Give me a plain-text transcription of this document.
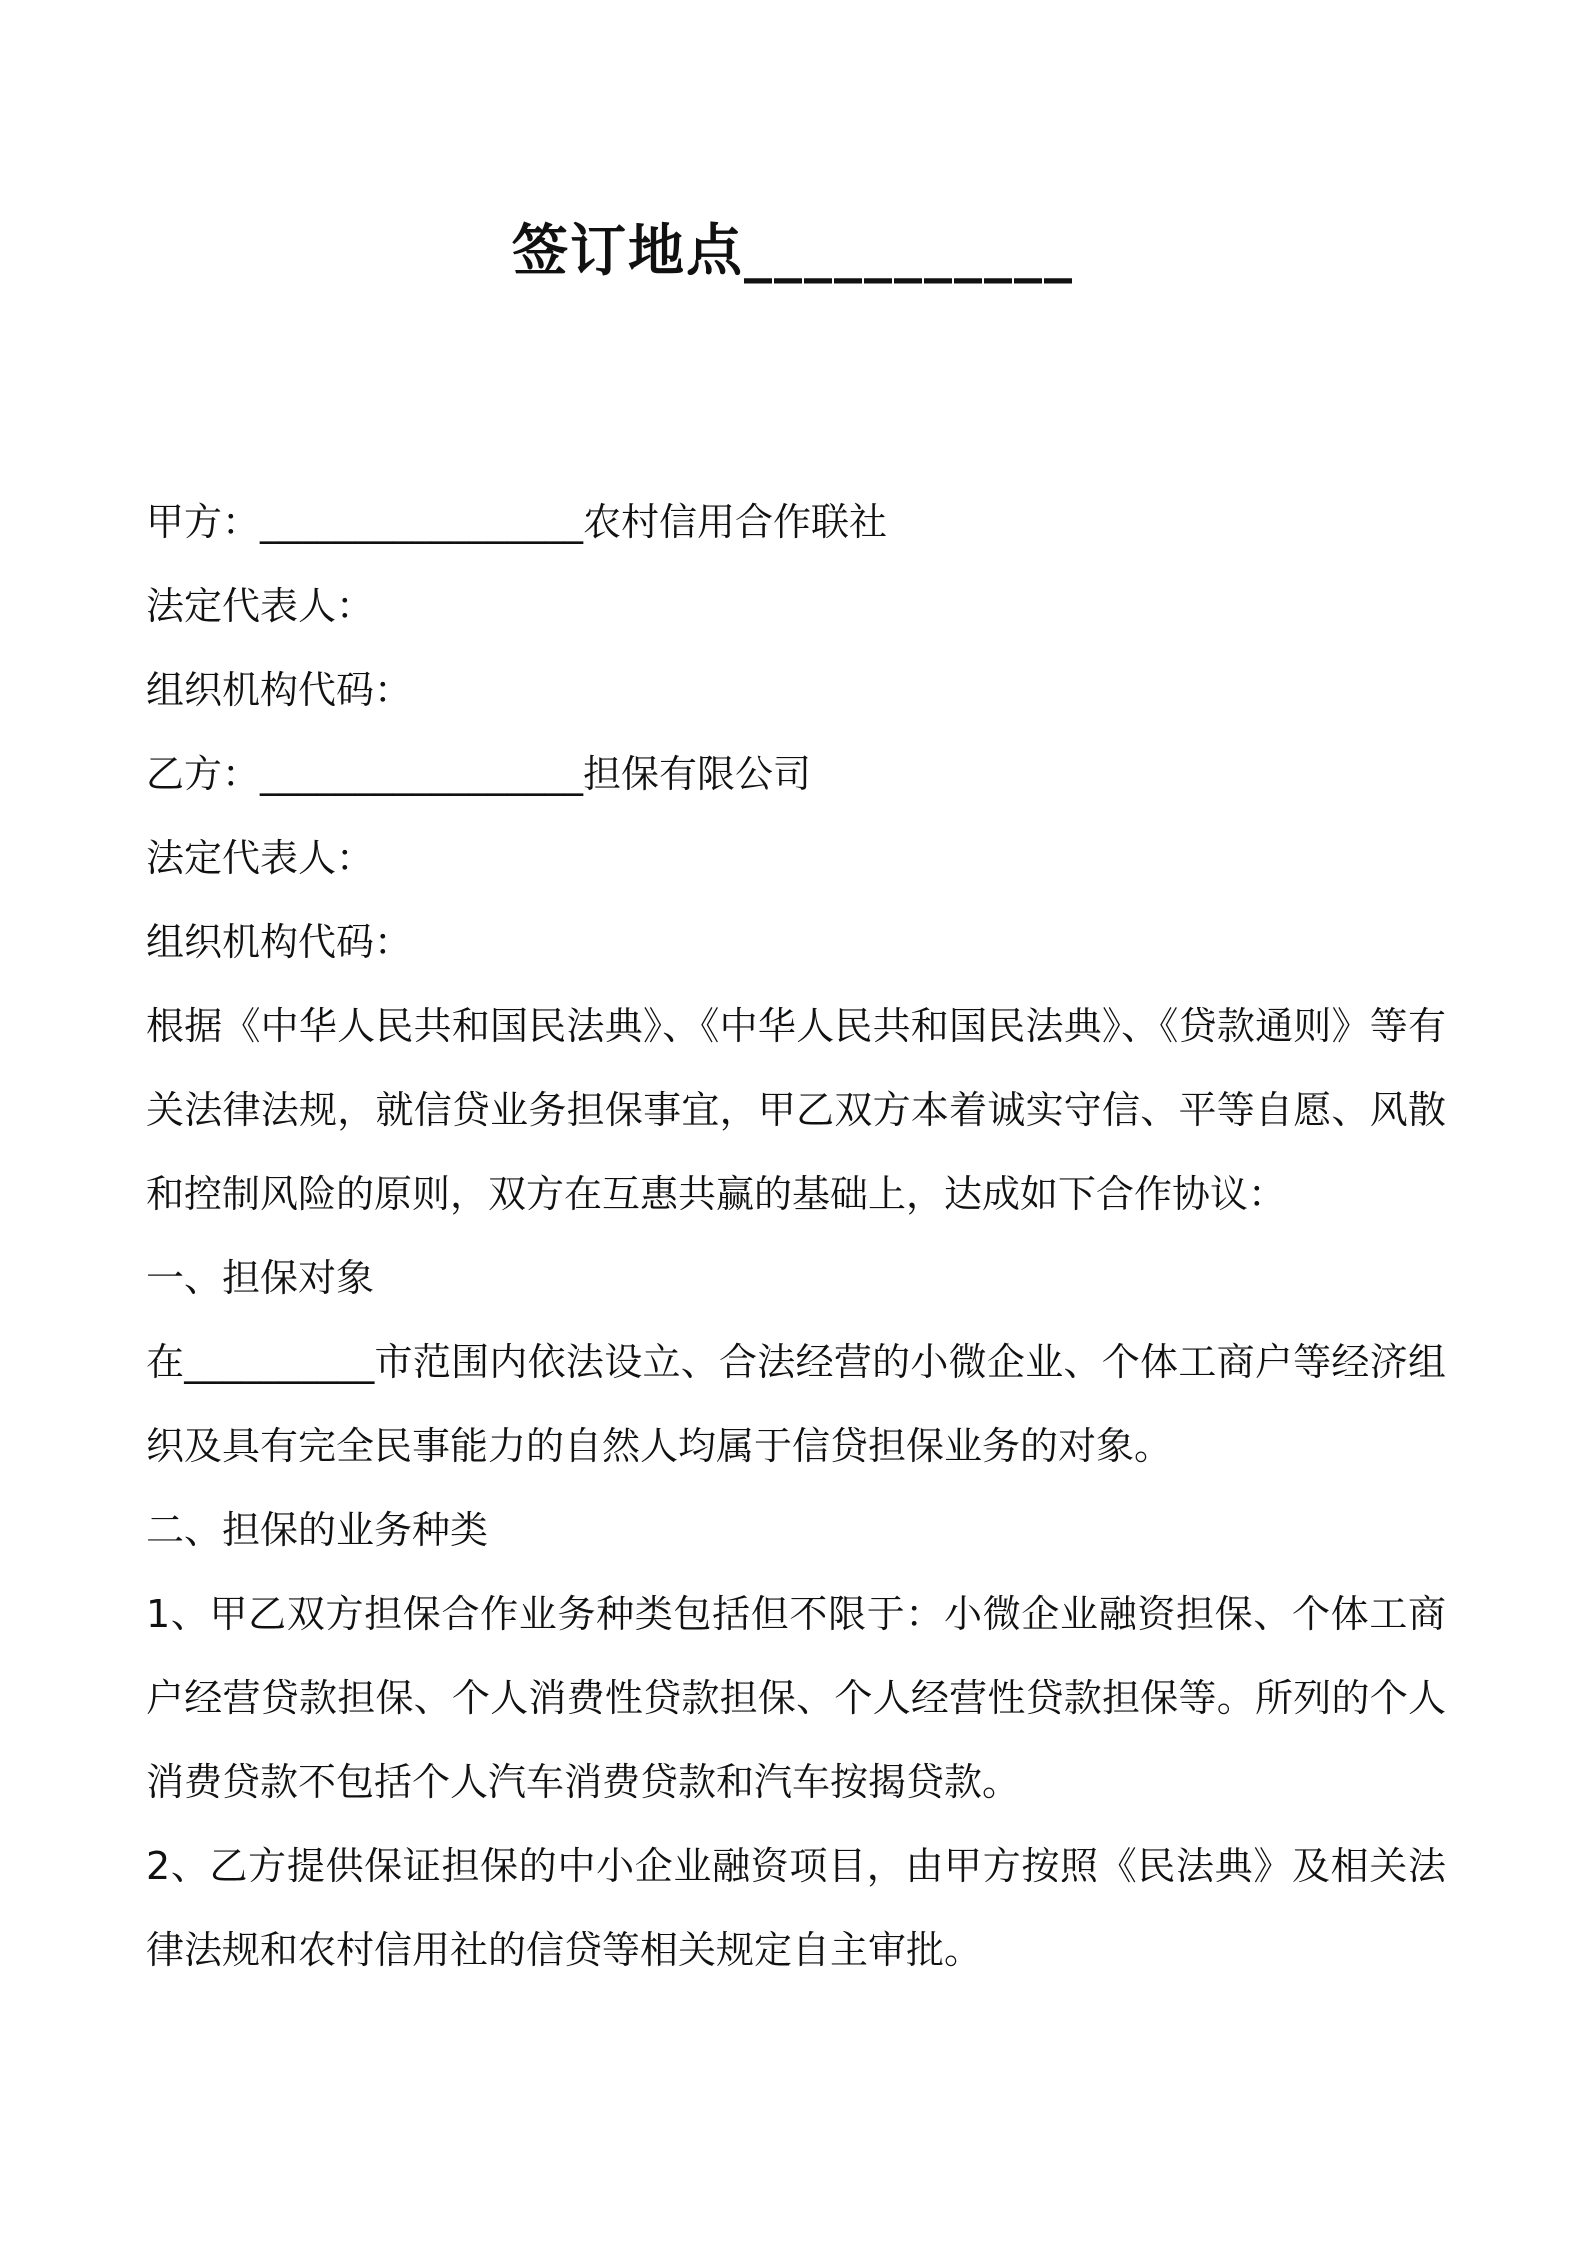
签订地点___________
甲方：_________________农村信用合作联社
法定代表人：
组织机构代码：
乙方：_________________担保有限公司
法定代表人：
组织机构代码：
根据《中华人民共和国民法典》、《中华人民共和国民法典》、《贷款通则》等有关法律法规，就信贷业务担保事宜，甲乙双方本着诚实守信、平等自愿、风散和控制风险的原则，双方在互惠共赢的基础上，达成如下合作协议：
一、担保对象
在__________市范围内依法设立、合法经营的小微企业、个体工商户等经济组织及具有完全民事能力的自然人均属于信贷担保业务的对象。
二、担保的业务种类
1、甲乙双方担保合作业务种类包括但不限于：小微企业融资担保、个体工商户经营贷款担保、个人消费性贷款担保、个人经营性贷款担保等。所列的个人消费贷款不包括个人汽车消费贷款和汽车按揭贷款。
2、乙方提供保证担保的中小企业融资项目，由甲方按照《民法典》及相关法律法规和农村信用社的信贷等相关规定自主审批。
